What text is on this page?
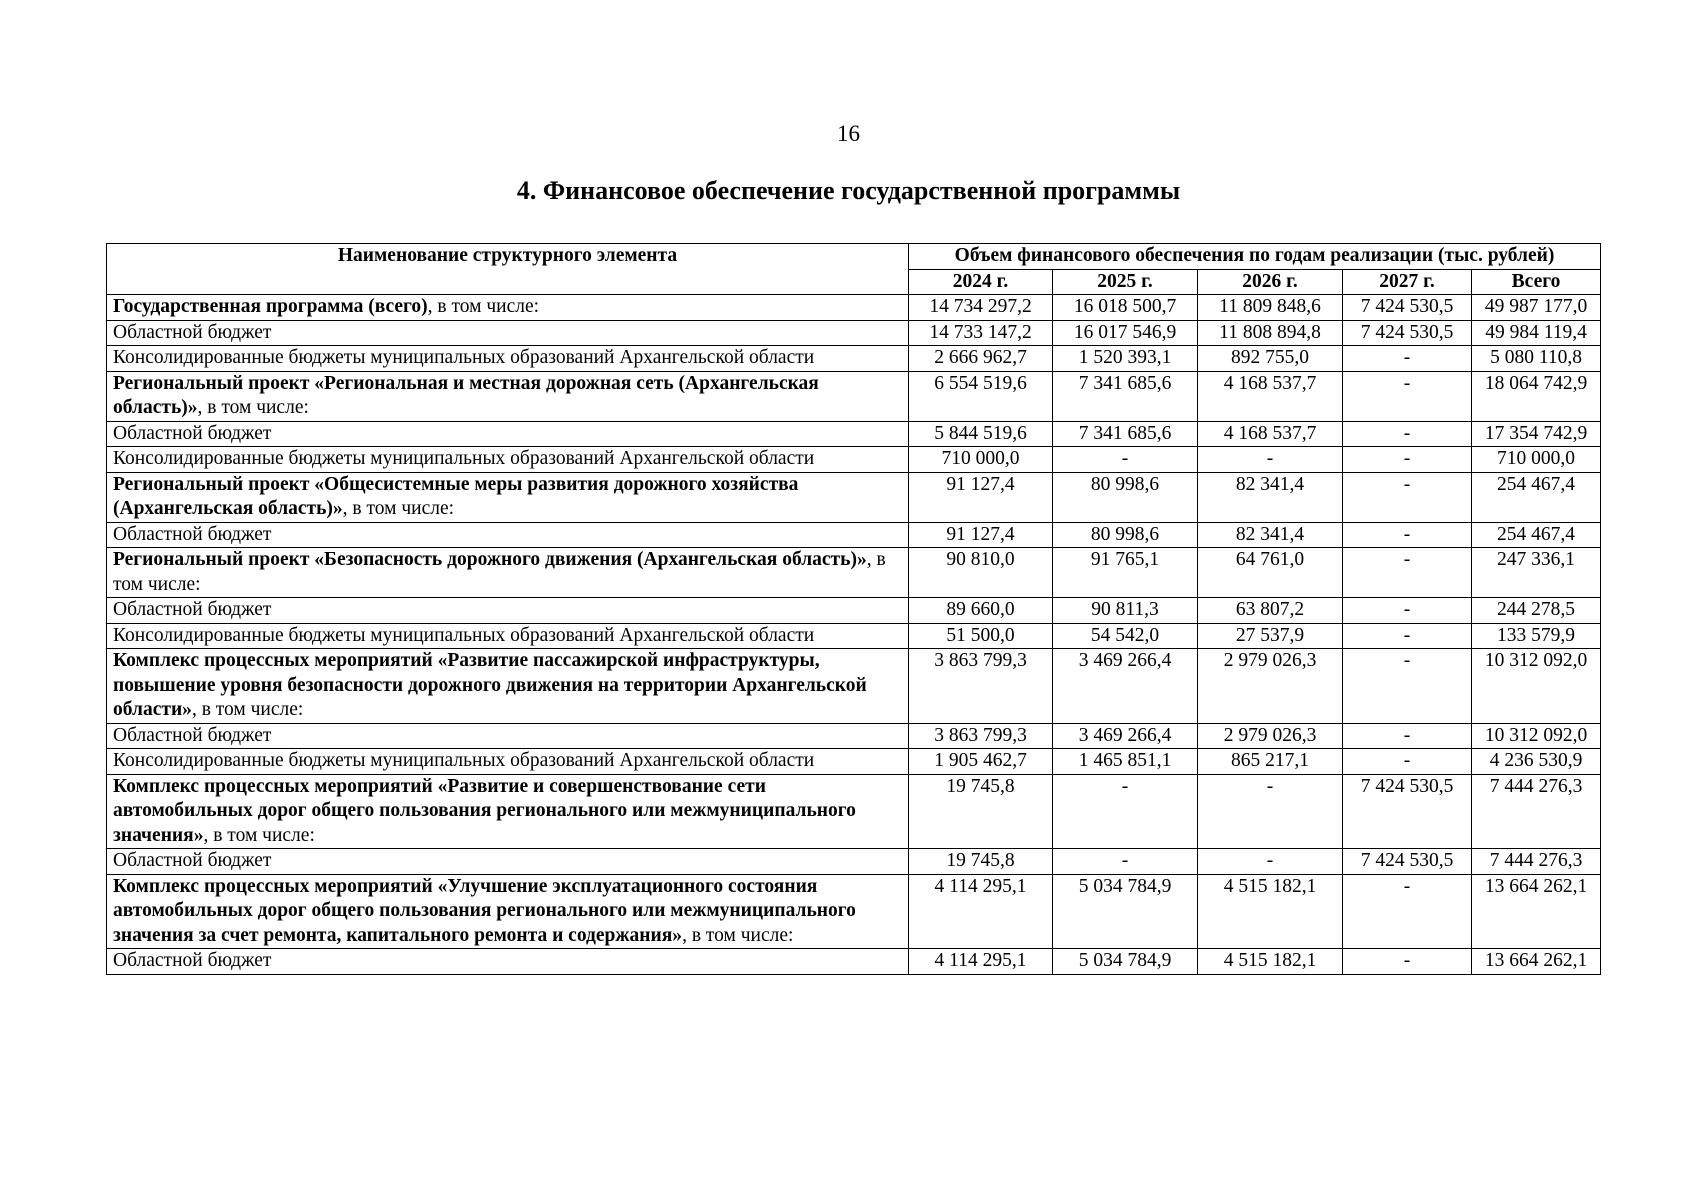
16
4. Финансовое обеспечение государственной программы
Наименование структурного элемента	Объем финансового обеспечения по годам реализации (тыс. рублей)				
	2024 г.	2025 г.	2026 г.	2027 г.	Всего
Государственная программа (всего), в том числе:	14 734 297,2	16 018 500,7	11 809 848,6	7 424 530,5	49 987 177,0
Областной бюджет	14 733 147,2	16 017 546,9	11 808 894,8	7 424 530,5	49 984 119,4
Консолидированные бюджеты муниципальных образований Архангельской области	2 666 962,7	1 520 393,1	892 755,0	-	5 080 110,8
Региональный проект «Региональная и местная дорожная сеть (Архангельская область)», в том числе:	6 554 519,6	7 341 685,6	4 168 537,7	-	18 064 742,9
Областной бюджет	5 844 519,6	7 341 685,6	4 168 537,7	-	17 354 742,9
Консолидированные бюджеты муниципальных образований Архангельской области	710 000,0	-	-	-	710 000,0
Региональный проект «Общесистемные меры развития дорожного хозяйства (Архангельская область)», в том числе:	91 127,4	80 998,6	82 341,4	-	254 467,4
Областной бюджет	91 127,4	80 998,6	82 341,4	-	254 467,4
Региональный проект «Безопасность дорожного движения (Архангельская область)», в том числе:	90 810,0	91 765,1	64 761,0	-	247 336,1
Областной бюджет	89 660,0	90 811,3	63 807,2	-	244 278,5
Консолидированные бюджеты муниципальных образований Архангельской области	51 500,0	54 542,0	27 537,9	-	133 579,9
Комплекс процессных мероприятий «Развитие пассажирской инфраструктуры, повышение уровня безопасности дорожного движения на территории Архангельской области», в том числе:	3 863 799,3	3 469 266,4	2 979 026,3	-	10 312 092,0
Областной бюджет	3 863 799,3	3 469 266,4	2 979 026,3	-	10 312 092,0
Консолидированные бюджеты муниципальных образований Архангельской области	1 905 462,7	1 465 851,1	865 217,1	-	4 236 530,9
Комплекс процессных мероприятий «Развитие и совершенствование сети автомобильных дорог общего пользования регионального или межмуниципального значения», в том числе:	19 745,8	-	-	7 424 530,5	7 444 276,3
Областной бюджет	19 745,8	-	-	7 424 530,5	7 444 276,3
Комплекс процессных мероприятий «Улучшение эксплуатационного состояния автомобильных дорог общего пользования регионального или межмуниципального значения за счет ремонта, капитального ремонта и содержания», в том числе:	4 114 295,1	5 034 784,9	4 515 182,1	-	13 664 262,1
Областной бюджет	4 114 295,1	5 034 784,9	4 515 182,1	-	13 664 262,1
